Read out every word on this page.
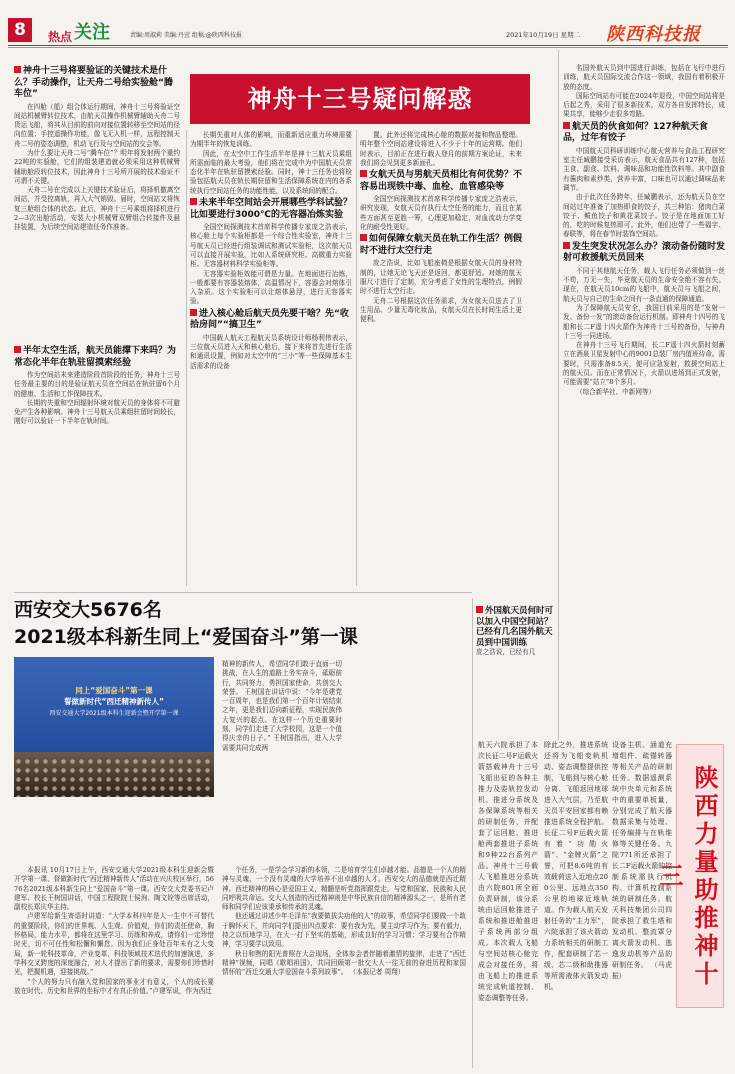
8	热点 关注	责编:周淑莉 美编:丹萱 组稿:@陕西科技报	2021年10月19日 星期二 陕西科技报
神舟十三号疑问解惑
神舟十三号将要验证的关键技术是什么？手动操作，让天舟二号给实验舱“腾车位”
在四舱（船）组合体运行期间，神舟十三号将验证空间站机械臂转位技术，由航天员操作机械臂辅助天舟二号货运飞船，将其从目前的前向对接位置转移至空间站的径向位置；手控遥操作功能，像飞无人机一样，远程控制天舟二号的姿态调整，机动飞行及与空间站的交会等。
为什么要让天舟二号“腾车位”？明年将发射两个重约22吨的实验舱，它们的组装建造就必须采用这种机械臂辅助舱段转位技术，因此神舟十三号所开展的技术验证不可谓不关键。
天舟二号在完成以上关键技术验证后，将择机撤离空间站，并受控离轨，再入大气销毁。届时，空间站又将恢复三舱组合体的状态。此后，神舟十三号乘组将择机进行2—3次出舱活动，安装大小机械臂双臂组合转接件及悬挂装置，为后续空间站建造任务作准备。
半年太空生活，航天员能撑下来吗？为常态化半年在轨驻留摸索经验
作为空间站未来建造阶段首阶段的任务，神舟十三号任务最主要的目的是验证航天员在空间站在轨驻留6个月的健康、生活和工作保障技术。
长期的失重和空间辐射环境对航天员的身体将不可避免产生各种影响。神舟十三号航天员乘组驻留时间较长，刚好可以验证一下半年在轨时间。
长期失重对人体的影响，而重新适应重力环境需要为期半年的恢复训练。
因此，在太空中工作生活半年是神十三航天员乘组所需面临的最大考验，他们将在完成中为中国航天员常态化半年在轨驻留摸索经验。同时，神十三任务也将检验包括航天员在轨长期驻留和生活保障系统在内的各系统执行空间站任务的功能性能，以及系统间的配合。
未来半年空间站会开展哪些学科试验？比如要进行3000℃的无容器冶炼实验
全国空间探测技术首席科学传播专家庞之浩表示，核心舱上每个实验柜都是一个综合性实验室，神舟十三号航天员已经进行组装调试和测试实验柜，这次航天员可以直接开展实验，比如人系统研究柜、高微重力实验柜、无容器材料科学实验柜等。
无容器实验柜效能可谓是力量。在地面进行冶炼，一般都要有容器装熔体，高温情况下，容器会对熔体引入杂质。这个实验柜可以让熔体悬浮，进行无容器实验。
进入核心舱后航天员先要干啥？先“收拾房间”“搞卫生”
中国载人航天工程航天员系统设计师杨利伟表示，三位航天员进入天和核心舱后，接下来将首先进行生活和通讯设置，例如对太空中的“三小”等一些保障基本生活需求的设备
置。此外还将完成核心舱的数据对接和物品整理。明年整个空间站建设将进入不少于十年的运营期。他们时表示，目前正在进行载人登月的前期方案论证，未来我们将会见到更多新面孔。
女航天员与男航天员相比有何优势？不容易出现铁中毒、血栓、血管感染等
全国空间探测技术首席科学传播专家庞之浩表示，研究发现，女航天员有执行太空任务的能力，而且在某些方面甚至更胜一筹，心理更加稳定，对血流动力学变化的耐受性更好。
如何保障女航天员在轨工作生活？例假时不进行太空行走
庞之浩说，比如飞船座椅是根据女航天员的身材特制的，让她无论飞天还是返回，都更舒适。对她的航天服尺寸进行了定制，充分考虑了女性的生理特点，例假时不进行太空行走。
无舟二号根据这次任务需求，为女航天员送去了卫生用品、少量无毒化妆品，女航天员在长时间生活上更便利。
名国外航天员到中国进行训练，包括在飞行中进行训练，航天员国际交流合作这一领域，我国有着积极开放的态度。
国际空间站有可能在2024年退役，中国空间站将是后起之秀，采用了很多新技术，双方各自发挥特长，成果共享，能够少走很多弯路。
航天员的伙食如何？127种航天食品，过年有饺子
中国航天员科研训练中心航天营养与食品工程研究室主任臧鹏接受采访表示，航天食品共有127种，包括主食、副食、饮料、调味品和功能性饮料等。其中副食有酱肉和素炒类，营养丰富，口味也可以通过调味品来调节。
由于此次任务跨年，任臧鹏表示，还为航天员在空间站过年准备了加热即食的饺子，共三种馅：猪肉白菜饺子、鲅鱼饺子和黄花菜饺子。饺子是在地面加工好的，吃的时候复热即可。此外，他们也带了一些福字、春联等，将在春节时装饰空间站。
发生突发状况怎么办？滚动备份随时发射可救援航天员回来
不同于其他航天任务，载人飞行任务必须做到一丝不苟，万无一失，毕竟航天员的生命安全绝不容有失。现在，在航天员10cm的飞船中，航天员与飞船之间，航天员与自己的生命之间有一条直通的保障通道。
为了保障航天员安全，我国目前采用的是“发射一发、备份一发”的滚动备份运行机制。即神舟十四号的飞船和长二F遥十四火箭作为神舟十三号的备份，与神舟十三号一同进场。
在神舟十三号飞行期间，长二F遥十四火箭时刻蓄立在酒泉卫星发射中心的9001总装厂房内值班待命。需要时，只需准备8.5天，便可应急发射，救援空间站上的航天员。而在正常情况下，火箭以进场到正式发射，可能需要“站立”8个多月。
（综合新华社、中新网等）
外国航天员何时可以加入中国空间站？已经有几名国外航天员到中国训练
庞之浩说，已经有几
西安交大5676名
2021级本科新生同上“爱国奋斗”第一课
同上“爱国奋斗”第一课
誓做新时代“西迁精神新传人”
西安交通大学2021级本科生迎新会暨开学第一课
精神的新传人，希望同学们敢于直面一切挑战，在人生的道路上务实奋斗，砥砺前行，共同努力，勇担国家使命，共创交大荣誉。 王树国在讲话中说：“今年是建党一百周年，也是我们第一个百年计划结束之年，更是我们迈向新征程，实现民族伟大复兴的起点。在这样一个历史重要时刻，同学们走进了大学校园，这是一个值得庆幸的日子。” 王树国指出，进入大学需要共同完成两
本报讯 10月17日上午，西安交通大学2021级本科生迎新会暨开学第一课、督做新时代“西迁精神新传人”活动在兴庆校区举行，5676名2021级本科新生同上“爱国奋斗”第一课。西安交大党委书记卢建军、校长王树国讲话，中国工程院院士侯洵、陶文铨等出席活动，副校长郑庆华主持。
卢建军给新生寄语时讲道：“大学本科四年是人一生中不可替代的重要阶段，你们的世界观、人生观、价值观，你们的责任使命，胸怀格局，能力水平，都将在这里学习、历练和养成，请你们一定珍惜时光，切不可任性和松懈和懈怠。因为我们正身处百年未有之大变局，新一轮科技革命，产业变革，科技领域技术迭代的加速演进，多学科交叉跨度的深度融合，对人才提出了新的要求，需要你们珍惜时光，把握机遇，迎接挑战。”
“个人的努力只有融入党和国家的事业才有意义，个人的成长要放在时代、历史和世界的坐标中才有真正价值。”卢建军说，作为西迁
个任务，一是学会学习新的本领，二是培育学生们卓越才能。品德是一个人的精神与灵魂，一个没有灵魂的大学培养不出卓越的人才。西安交大的品德就是西迁精神。西迁精神的核心是爱国主义，精髓是听党指挥跟党走，与党和国家、民族和人民同呼吸共命运。交大人创造的西迁精神则是中华民族自信的精神源头之一，是所有老师和同学们应该秉承和传承的灵魂。
他还通过讲述少年毛泽东“我要做拔尖功他的人”的故事，希望同学们要做一个敢于胸怀天下，并向同学们提出四点要求：要有我为先，要主动学习作为；要有毅力，持之以恒地学习，在大一打下坚实的基础，形成良好的学习习惯；学习要有合作精神，学习要学以致用。
秋日和煦的阳光普照在大会现场，全体参会者伴随着激情的旋律，走进了“西迁精神”视频，同唱《歌唱祖国》，共同回顾第一批交大人一往无前的奋进历程和家国情怀的“西迁交通大学爱国奋斗系列故事”。 （本报记者 周翔）
航天六院承担了本次长征二号F运载火箭搭载神舟十三号飞船出征的各种主推力及姿轨控发动机、推进分系统及各保障系统等相关的研制任务，并配套了运回舱、推进舱两套推进子系统和9种22台系列产品。神舟十三号载人飞船推进分系统由六院801所全面负责研制，该分系统由运回舱推进子系统和推进舱推进子系统两部分组成。本次载人飞船与空间站核心舱完成会对接任务，将由飞船上的推进系统完成轨道控制、姿态调整等任务。
除此之外，推进系统还将为飞船变轨机动、姿态调整提供控制，飞船到与核心舱分离、飞船返回地球进入大气层，乃至航天员平安回家都有赖推进系统全程护航。长征二号F运载火箭有着“功勋火箭”、“金牌火箭”之誉，可把8.6吨的有效载荷送入近地点200公里、远地点350公里的地球近地轨道。作为载人航天发射任务的“主力军”，六院承担了该火箭动力系统相关的研制工作，配套研制了芯一级、芯二级和助推器等所需液体火箭发动机。
设备主机、涵道充增组件、疏锚转器等相关产品的研制任务。数据遥测系统中央单元和系统中的重要单板量，分别完成了航天器数据采集与处理、任务编排与在轨维修等关键任务。九院771所还承担了长二F运载火箭的控制系统需执行机构、计算机控制系统的研制任务。航天科技集团公司四院承担了救生塔和发动机、整流罩分离火箭发动机、逃逸发动机等产品的研制任务。 （马虎振）	陕西力量助推神十三
